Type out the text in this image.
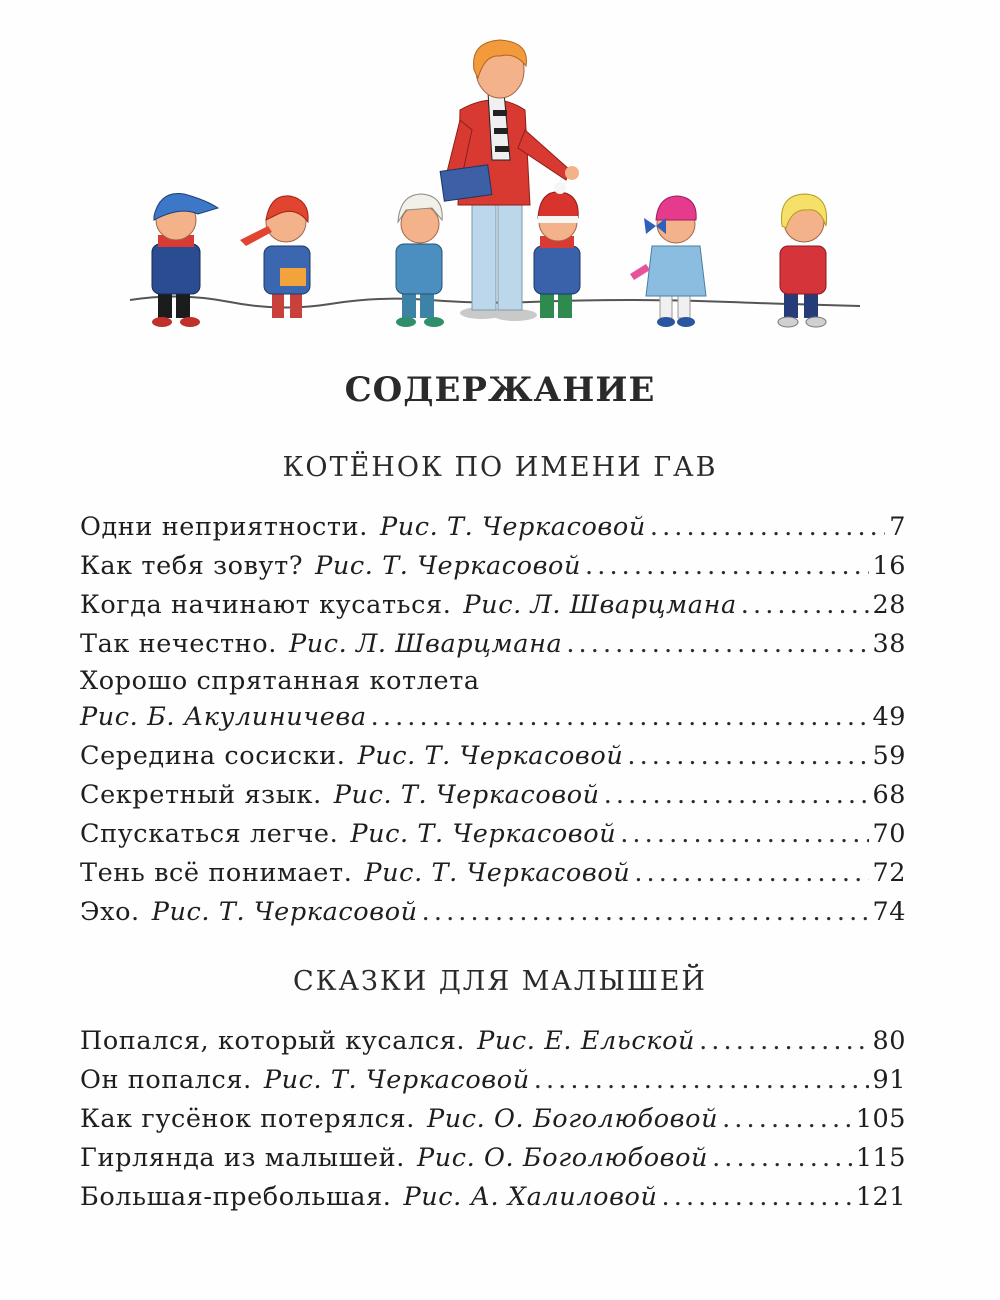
СОДЕРЖАНИЕ
КОТЁНОК ПО ИМЕНИ ГАВ
Одни неприятности. Рис. Т. Черкасовой . . .	7
Как тебя зовут? Рис. Т. Черкасовой . . .	16
Когда начинают кусаться. Рис. Л. Шварцмана . . .	28
Так нечестно. Рис. Л. Шварцмана . . .	38
Хорошо спрятанная котлета
Рис. Б. Акулиничева . . .	49
Середина сосиски. Рис. Т. Черкасовой . . .	59
Секретный язык. Рис. Т. Черкасовой . . .	68
Спускаться легче. Рис. Т. Черкасовой . . .	70
Тень всё понимает. Рис. Т. Черкасовой . . .	72
Эхо. Рис. Т. Черкасовой . . .	74
СКАЗКИ ДЛЯ МАЛЫШЕЙ
Попался, который кусался. Рис. Е. Ельской . . .	80
Он попался. Рис. Т. Черкасовой . . .	91
Как гусёнок потерялся. Рис. О. Боголюбовой . . .	105
Гирлянда из малышей. Рис. О. Боголюбовой . . .	115
Большая-пребольшая. Рис. А. Халиловой . . .	121
